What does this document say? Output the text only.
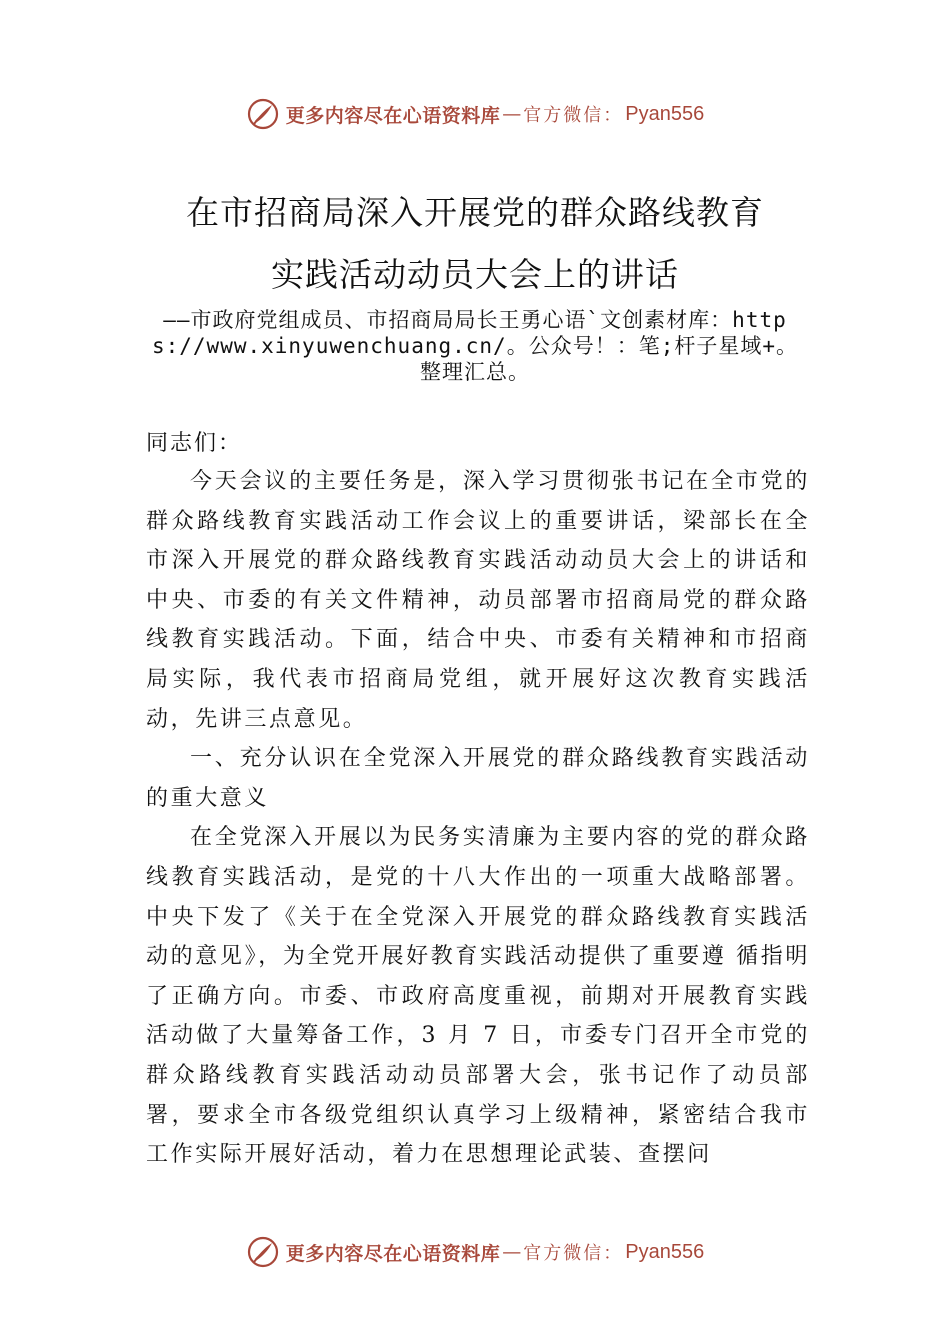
更多内容尽在心语资料库 — 官方微信： Pyan556
在市招商局深入开展党的群众路线教育
实践活动动员大会上的讲话
——市政府党组成员、市招商局局长王勇心语`文创素材库：https://www.xinyuwenchuang.cn/。公众号！：笔;杆子星域+。整理汇总。
同志们：

今天会议的主要任务是，深入学习贯彻张书记在全市党的群众路线教育实践活动工作会议上的重要讲话，梁部长在全市深入开展党的群众路线教育实践活动动员大会上的讲话和中央、市委的有关文件精神，动员部署市招商局党的群众路线教育实践活动。下面，结合中央、市委有关精神和市招商局实际，我代表市招商局党组，就开展好这次教育实践活动，先讲三点意见。

一、充分认识在全党深入开展党的群众路线教育实践活动的重大意义

在全党深入开展以为民务实清廉为主要内容的党的群众路线教育实践活动，是党的十八大作出的一项重大战略部署。中央下发了《关于在全党深入开展党的群众路线教育实践活动的意见》，为全党开展好教育实践活动提供了重要遵 循指明了正确方向。市委、市政府高度重视，前期对开展教育实践活动做了大量筹备工作，3 月 7 日，市委专门召开全市党的群众路线教育实践活动动员部署大会，张书记作了动员部署，要求全市各级党组织认真学习上级精神，紧密结合我市工作实际开展好活动，着力在思想理论武装、查摆问

更多内容尽在心语资料库 — 官方微信： Pyan556
